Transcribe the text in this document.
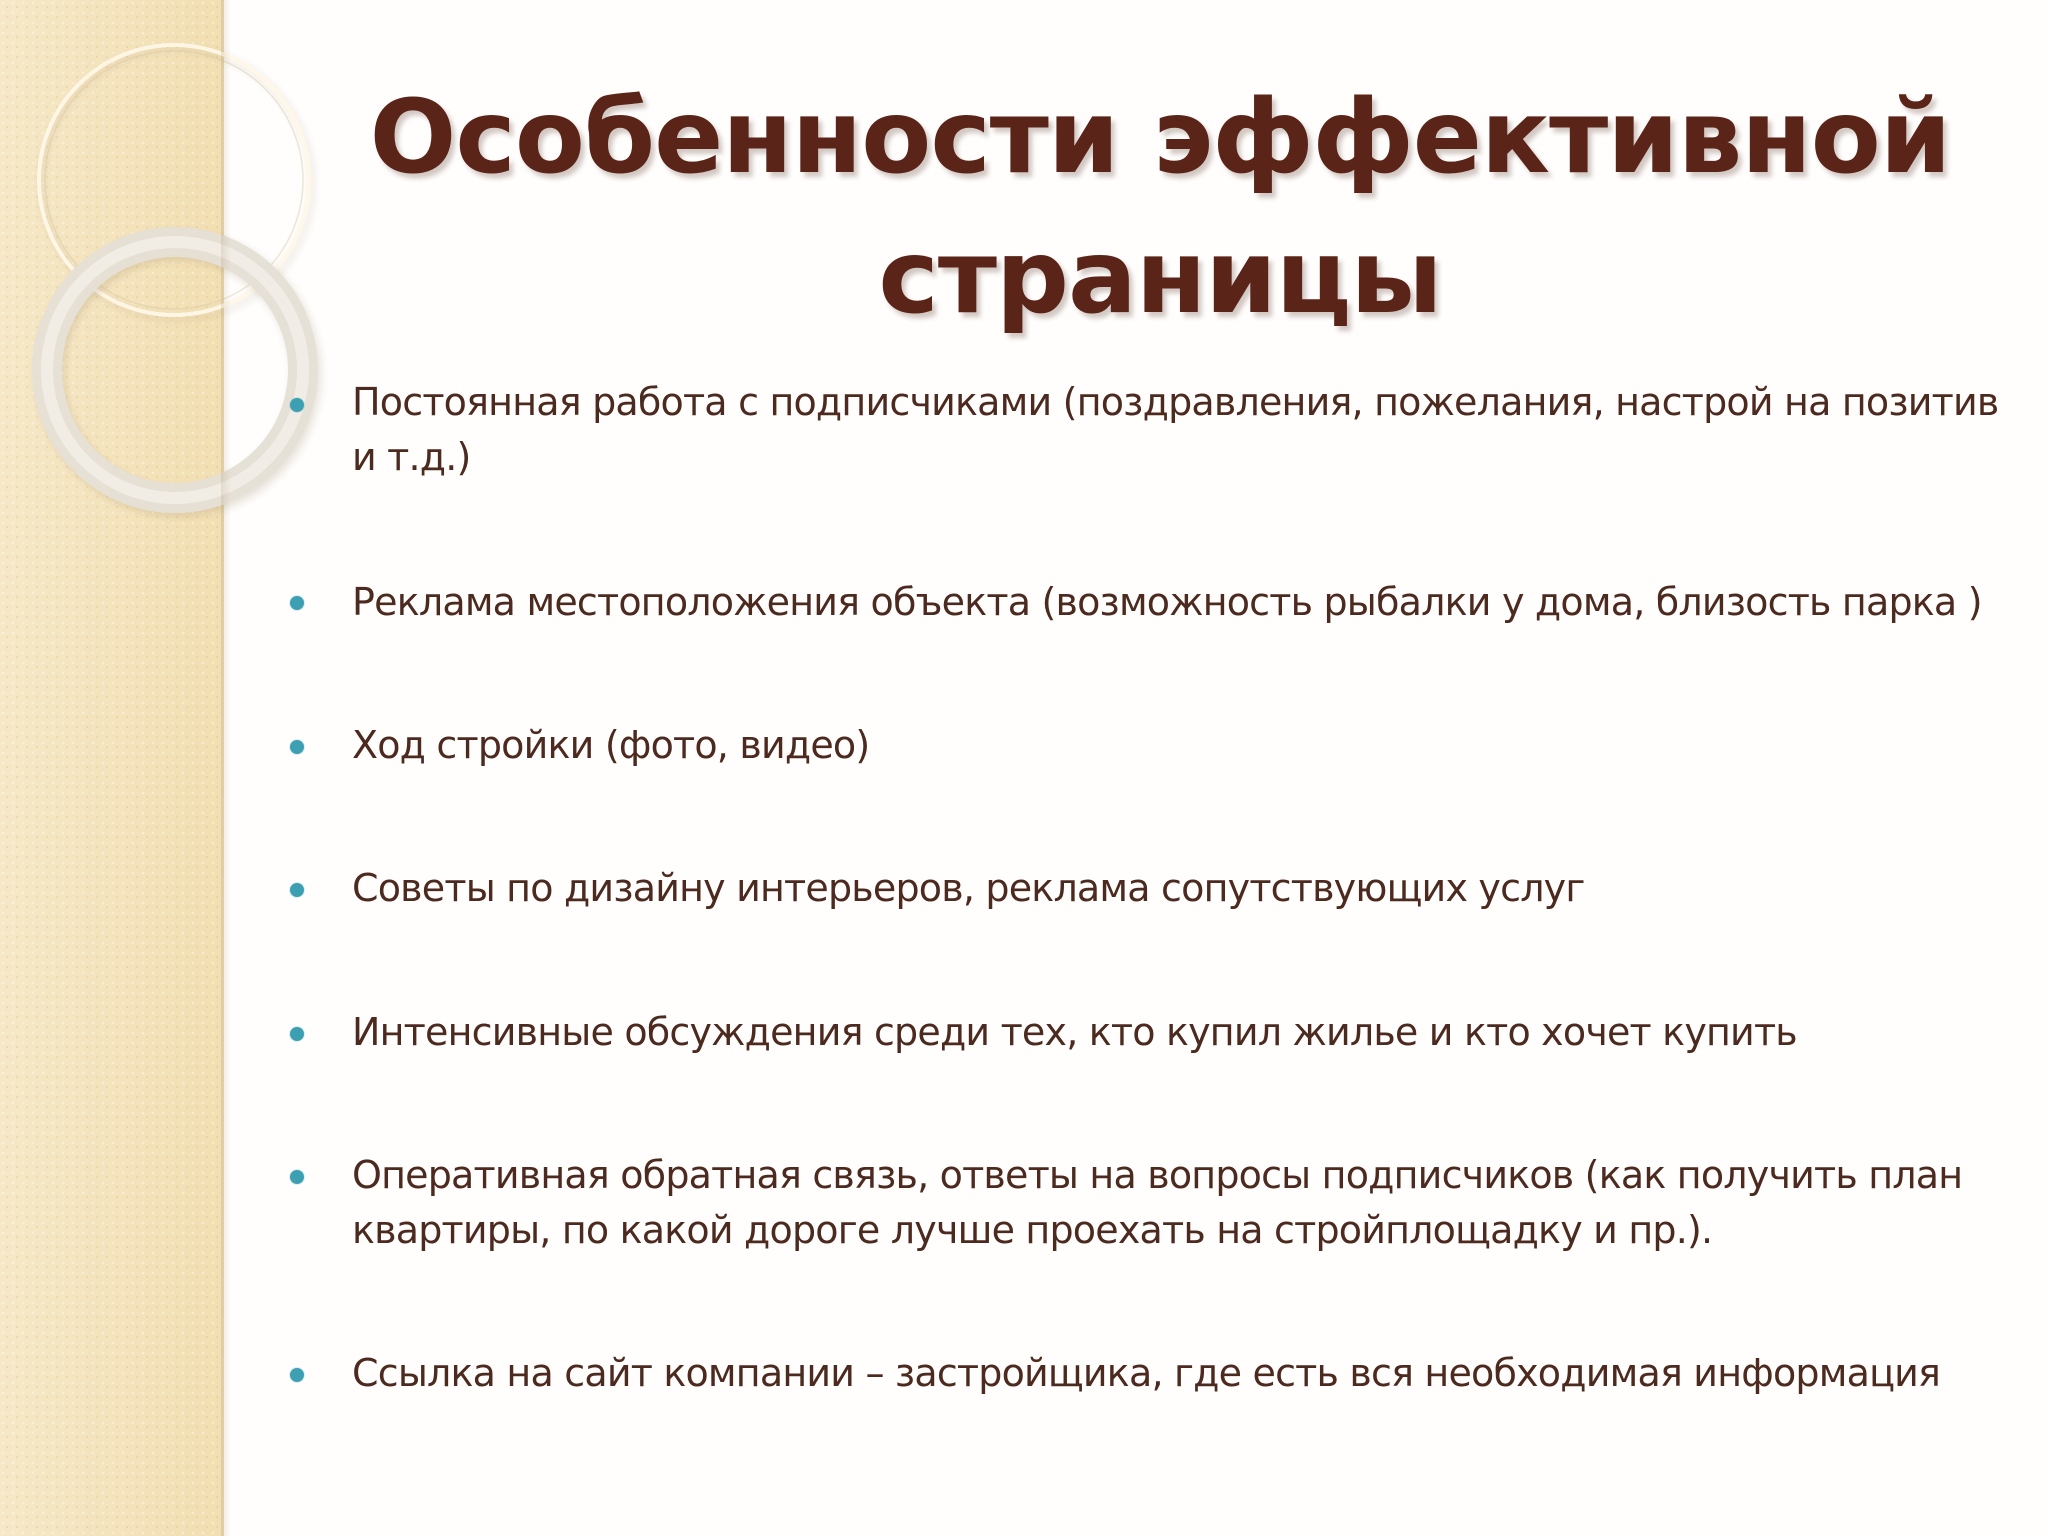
Особенности эффективной
страницы
Постоянная работа с подписчиками (поздравления, пожелания, настрой на позитив и т.д.)
Реклама местоположения объекта (возможность рыбалки у дома, близость парка )
Ход стройки (фото, видео)
Советы по дизайну интерьеров, реклама сопутствующих услуг
Интенсивные обсуждения среди тех, кто купил жилье и кто хочет купить
Оперативная обратная связь, ответы на вопросы подписчиков (как получить план квартиры, по какой дороге лучше проехать на стройплощадку и пр.).
Ссылка на сайт компании – застройщика, где есть вся необходимая информация
